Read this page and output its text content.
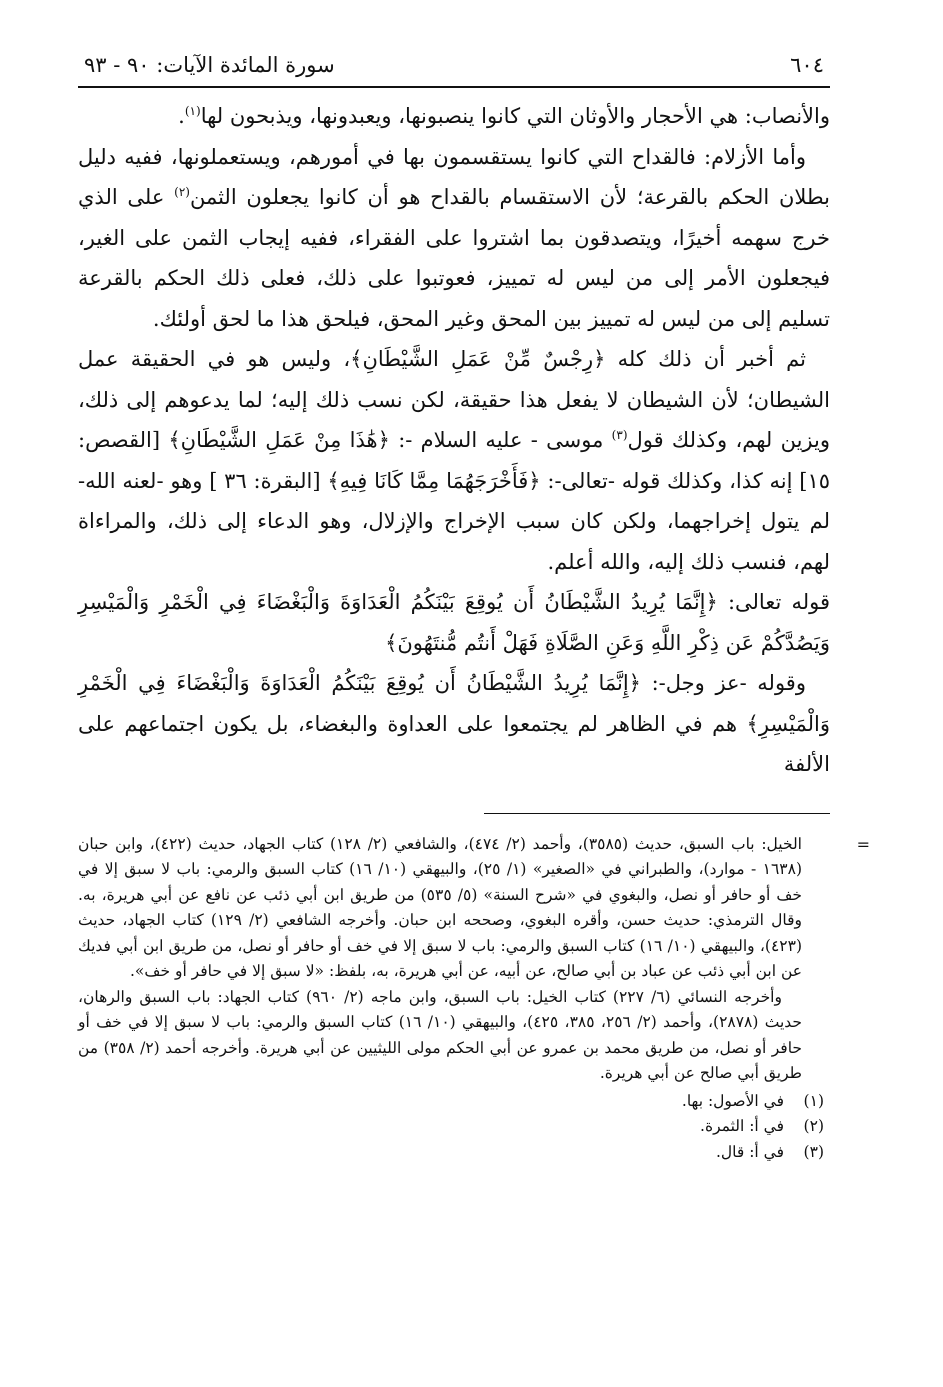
٦٠٤
سورة المائدة الآيات: ٩٠ - ٩٣

والأنصاب: هي الأحجار والأوثان التي كانوا ينصبونها، ويعبدونها، ويذبحون لها$^{(١)}$.

وأما الأزلام: فالقداح التي كانوا يستقسمون بها في أمورهم، ويستعملونها، ففيه دليل بطلان الحكم بالقرعة؛ لأن الاستقسام بالقداح هو أن كانوا يجعلون الثمن$^{(٢)}$ على الذي خرج سهمه أخيرًا، ويتصدقون بما اشتروا على الفقراء، ففيه إيجاب الثمن على الغير، فيجعلون الأمر إلى من ليس له تمييز، فعوتبوا على ذلك، فعلى ذلك الحكم بالقرعة تسليم إلى من ليس له تمييز بين المحق وغير المحق، فيلحق هذا ما لحق أولئك.

ثم أخبر أن ذلك كله ﴿رِجْسٌ مِّنْ عَمَلِ الشَّيْطَانِ﴾، وليس هو في الحقيقة عمل الشيطان؛ لأن الشيطان لا يفعل هذا حقيقة، لكن نسب ذلك إليه؛ لما يدعوهم إلى ذلك، ويزين لهم، وكذلك قول$^{(٣)}$ موسى - عليه السلام -: ﴿هَٰذَا مِنْ عَمَلِ الشَّيْطَانِ﴾ [القصص: ١٥] إنه كذا، وكذلك قوله -تعالى-: ﴿فَأَخْرَجَهُمَا مِمَّا كَانَا فِيهِ﴾ [البقرة: ٣٦ ] وهو -لعنه الله- لم يتول إخراجهما، ولكن كان سبب الإخراج والإزلال، وهو الدعاء إلى ذلك، والمراءاة لهم، فنسب ذلك إليه، والله أعلم.

قوله تعالى: ﴿إِنَّمَا يُرِيدُ الشَّيْطَانُ أَن يُوقِعَ بَيْنَكُمُ الْعَدَاوَةَ وَالْبَغْضَاءَ فِي الْخَمْرِ وَالْمَيْسِرِ وَيَصُدَّكُمْ عَن ذِكْرِ اللَّهِ وَعَنِ الصَّلَاةِ فَهَلْ أَنتُم مُّنتَهُونَ﴾

وقوله -عز وجل-: ﴿إِنَّمَا يُرِيدُ الشَّيْطَانُ أَن يُوقِعَ بَيْنَكُمُ الْعَدَاوَةَ وَالْبَغْضَاءَ فِي الْخَمْرِ وَالْمَيْسِرِ﴾ هم في الظاهر لم يجتمعوا على العداوة والبغضاء، بل يكون اجتماعهم على الألفة

=

الخيل: باب السبق، حديث (٣٥٨٥)، وأحمد (٢/ ٤٧٤)، والشافعي (٢/ ١٢٨) كتاب الجهاد، حديث (٤٢٢)، وابن حبان (١٦٣٨ - موارد)، والطبراني في «الصغير» (١/ ٢٥)، والبيهقي (١٠/ ١٦) كتاب السبق والرمي: باب لا سبق إلا في خف أو حافر أو نصل، والبغوي في «شرح السنة» (٥/ ٥٣٥) من طريق ابن أبي ذئب عن نافع عن أبي هريرة، به. وقال الترمذي: حديث حسن، وأقره البغوي، وصححه ابن حبان. وأخرجه الشافعي (٢/ ١٢٩) كتاب الجهاد، حديث (٤٢٣)، والبيهقي (١٠/ ١٦) كتاب السبق والرمي: باب لا سبق إلا في خف أو حافر أو نصل، من طريق ابن أبي فديك عن ابن أبي ذئب عن عباد بن أبي صالح، عن أبيه، عن أبي هريرة، به، بلفظ: «لا سبق إلا في حافر أو خف».

وأخرجه النسائي (٦/ ٢٢٧) كتاب الخيل: باب السبق، وابن ماجه (٢/ ٩٦٠) كتاب الجهاد: باب السبق والرهان، حديث (٢٨٧٨)، وأحمد (٢/ ٢٥٦، ٣٨٥، ٤٢٥)، والبيهقي (١٠/ ١٦) كتاب السبق والرمي: باب لا سبق إلا في خف أو حافر أو نصل، من طريق محمد بن عمرو عن أبي الحكم مولى الليثيين عن أبي هريرة. وأخرجه أحمد (٢/ ٣٥٨) من طريق أبي صالح عن أبي هريرة.

(١)
في الأصول: بها.
(٢)
في أ: الثمرة.
(٣)
في أ: قال.
